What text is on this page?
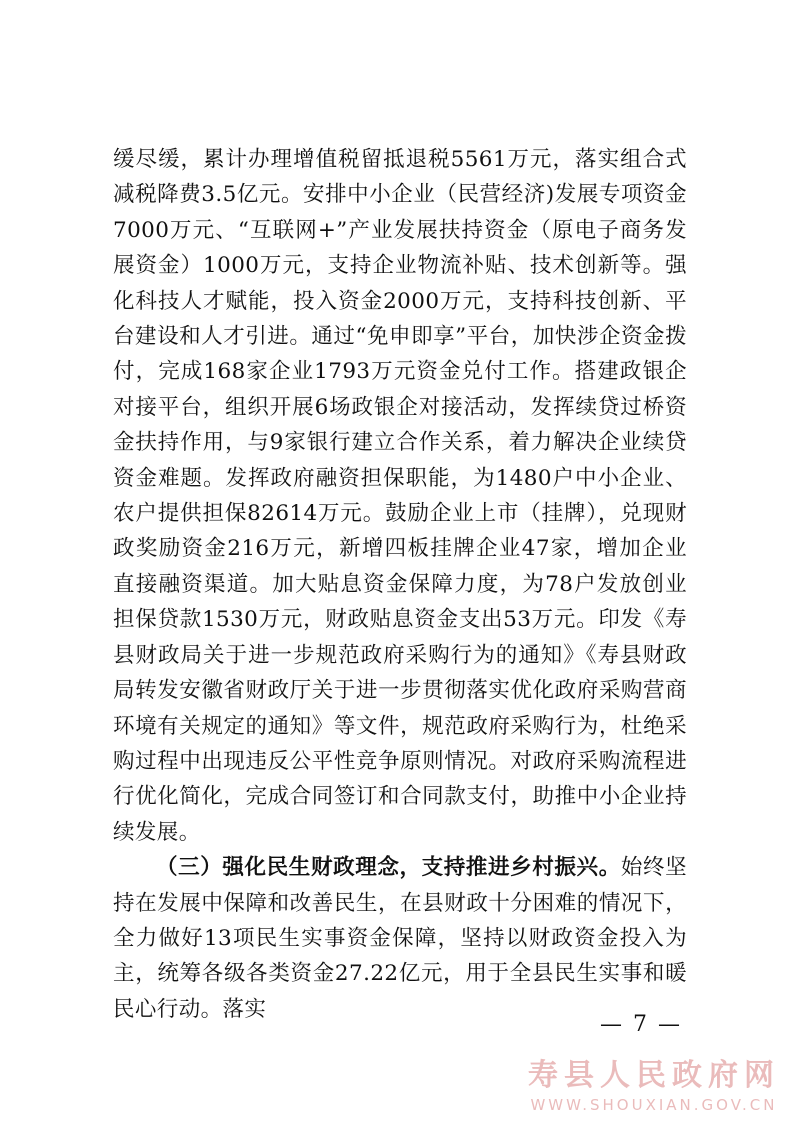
缓尽缓，累计办理增值税留抵退税5561万元，落实组合式减税降费3.5亿元。安排中小企业（民营经济)发展专项资金7000万元、“互联网+”产业发展扶持资金（原电子商务发展资金）1000万元，支持企业物流补贴、技术创新等。强化科技人才赋能，投入资金2000万元，支持科技创新、平台建设和人才引进。通过“免申即享”平台，加快涉企资金拨付，完成168家企业1793万元资金兑付工作。搭建政银企对接平台，组织开展6场政银企对接活动，发挥续贷过桥资金扶持作用，与9家银行建立合作关系，着力解决企业续贷资金难题。发挥政府融资担保职能，为1480户中小企业、农户提供担保82614万元。鼓励企业上市（挂牌），兑现财政奖励资金216万元，新增四板挂牌企业47家，增加企业直接融资渠道。加大贴息资金保障力度，为78户发放创业担保贷款1530万元，财政贴息资金支出53万元。印发《寿县财政局关于进一步规范政府采购行为的通知》《寿县财政局转发安徽省财政厅关于进一步贯彻落实优化政府采购营商环境有关规定的通知》等文件，规范政府采购行为，杜绝采购过程中出现违反公平性竞争原则情况。对政府采购流程进行优化简化，完成合同签订和合同款支付，助推中小企业持续发展。

（三）强化民生财政理念，支持推进乡村振兴。始终坚持在发展中保障和改善民生，在县财政十分困难的情况下，全力做好13项民生实事资金保障，坚持以财政资金投入为主，统筹各级各类资金27.22亿元，用于全县民生实事和暖民心行动。落实

— 7 —
寿县人民政府网
WWW.SHOUXIAN.GOV.CN
